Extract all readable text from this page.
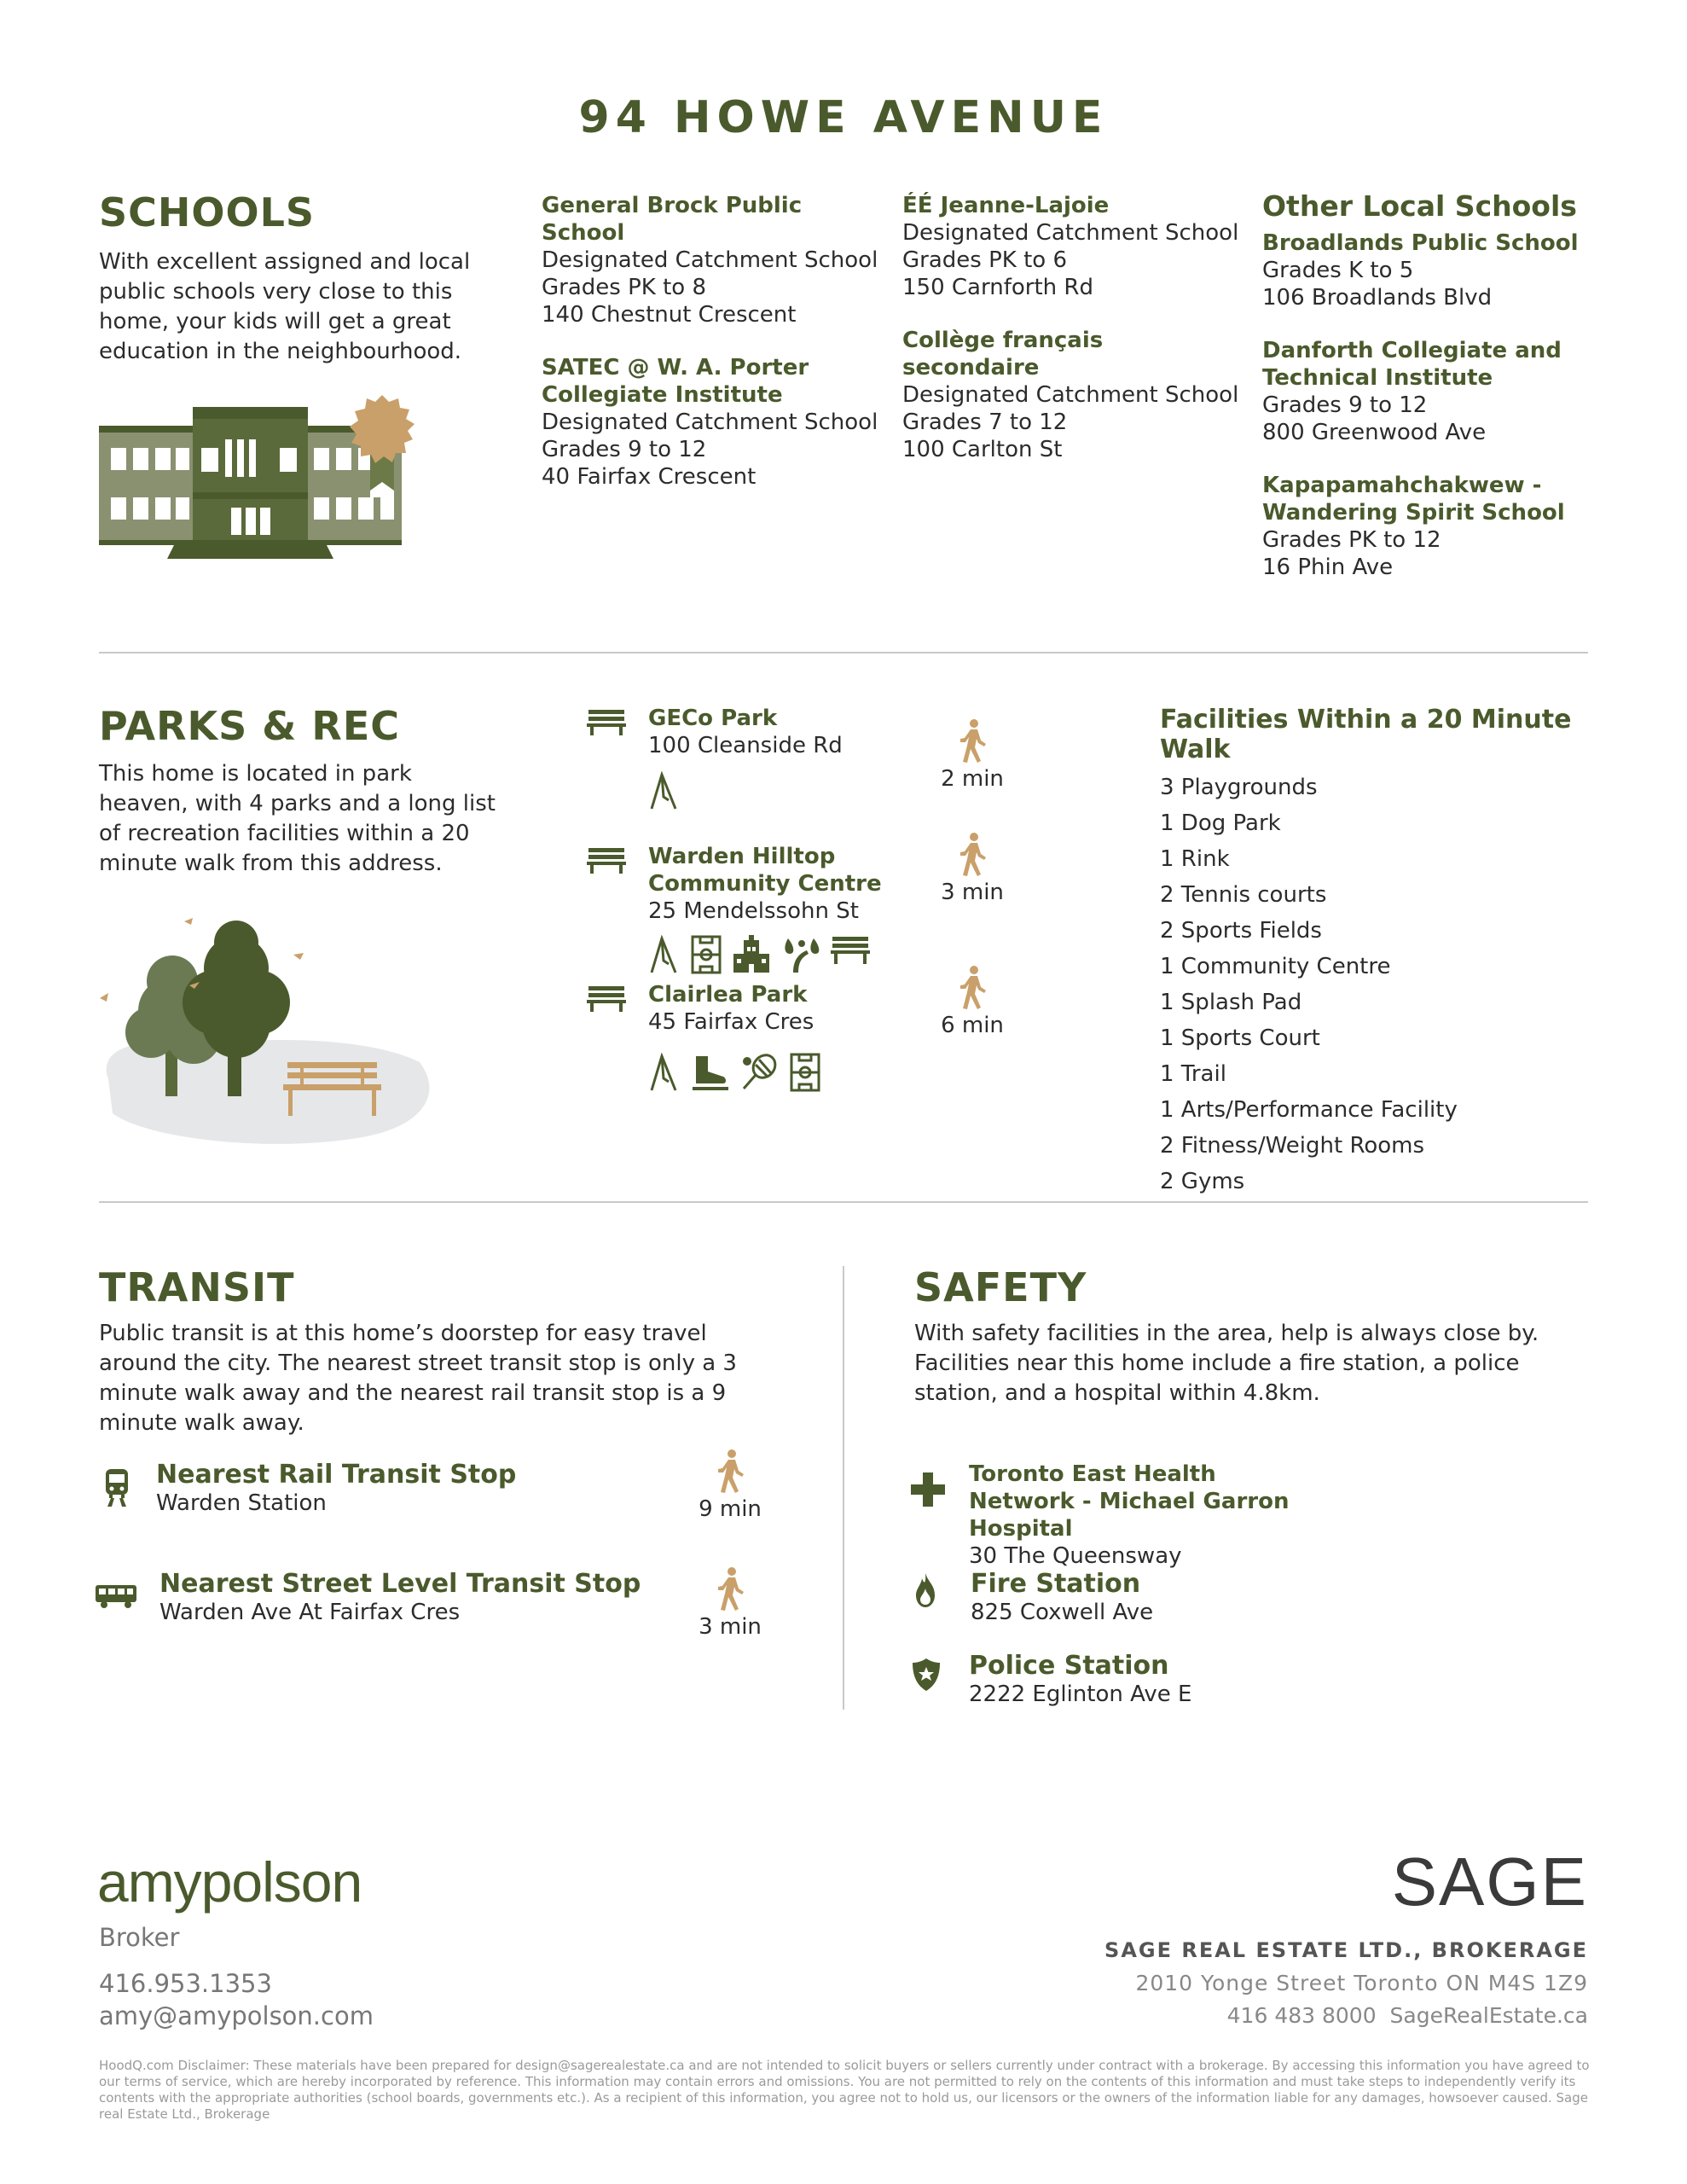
94 HOWE AVENUE
SCHOOLS
With excellent assigned and local public schools very close to this home, your kids will get a great education in the neighbourhood.
General Brock Public School
Designated Catchment School
Grades PK to 8
140 Chestnut Crescent
SATEC @ W. A. Porter Collegiate Institute
Designated Catchment School
Grades 9 to 12
40 Fairfax Crescent
ÉÉ Jeanne-Lajoie
Designated Catchment School
Grades PK to 6
150 Carnforth Rd
Collège français secondaire
Designated Catchment School
Grades 7 to 12
100 Carlton St
Other Local Schools
Broadlands Public School
Grades K to 5
106 Broadlands Blvd
Danforth Collegiate and Technical Institute
Grades 9 to 12
800 Greenwood Ave
Kapapamahchakwew - Wandering Spirit School
Grades PK to 12
16 Phin Ave
PARKS & REC
This home is located in park heaven, with 4 parks and a long list of recreation facilities within a 20 minute walk from this address.
GECo Park
100 Cleanside Rd
Warden Hilltop Community Centre
25 Mendelssohn St
Clairlea Park
45 Fairfax Cres
2 min
3 min
6 min
Facilities Within a 20 Minute Walk
3 Playgrounds
1 Dog Park
1 Rink
2 Tennis courts
2 Sports Fields
1 Community Centre
1 Splash Pad
1 Sports Court
1 Trail
1 Arts/Performance Facility
2 Fitness/Weight Rooms
2 Gyms
TRANSIT
Public transit is at this home’s doorstep for easy travel around the city. The nearest street transit stop is only a 3 minute walk away and the nearest rail transit stop is a 9 minute walk away.
Nearest Rail Transit Stop
Warden Station	9 min
Nearest Street Level Transit Stop
Warden Ave At Fairfax Cres
3 min
SAFETY
With safety facilities in the area, help is always close by. Facilities near this home include a fire station, a police station, and a hospital within 4.8km.
Toronto East Health Network - Michael Garron Hospital
30 The Queensway
Fire Station
825 Coxwell Ave
Police Station
2222 Eglinton Ave E
amypolson
Broker
416.953.1353
amy@amypolson.com
SAGE
SAGE REAL ESTATE LTD., BROKERAGE
2010 Yonge Street Toronto ON M4S 1Z9
416 483 8000 SageRealEstate.ca
HoodQ.com Disclaimer: These materials have been prepared for design@sagerealestate.ca and are not intended to solicit buyers or sellers currently under contract with a brokerage. By accessing this information you have agreed to our terms of service, which are hereby incorporated by reference. This information may contain errors and omissions. You are not permitted to rely on the contents of this information and must take steps to independently verify its contents with the appropriate authorities (school boards, governments etc.). As a recipient of this information, you agree not to hold us, our licensors or the owners of the information liable for any damages, howsoever caused. Sage real Estate Ltd., Brokerage
